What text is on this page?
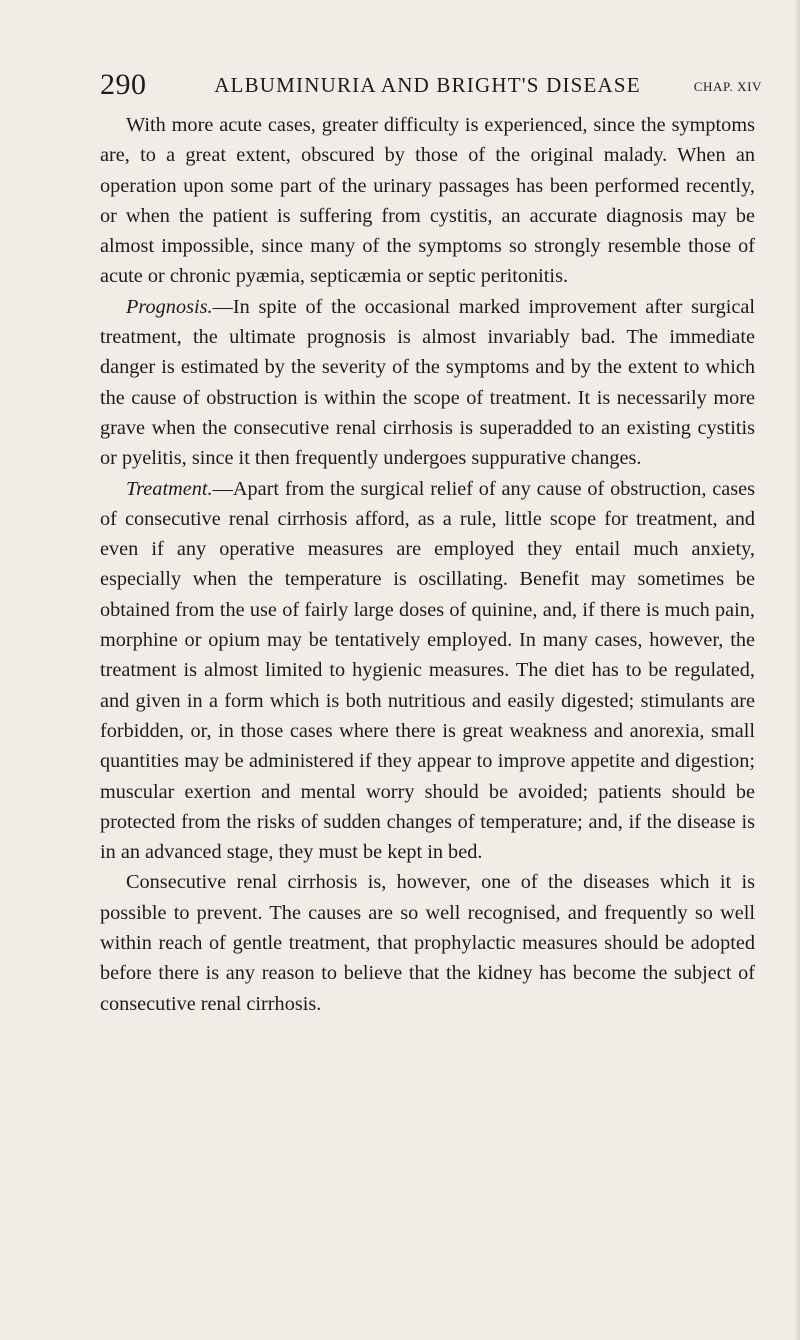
290	ALBUMINURIA AND BRIGHT'S DISEASE	CHAP. XIV

With more acute cases, greater difficulty is experienced, since the symptoms are, to a great extent, obscured by those of the original malady. When an operation upon some part of the urinary passages has been performed recently, or when the patient is suffering from cystitis, an accurate diagnosis may be almost impossible, since many of the symptoms so strongly resemble those of acute or chronic pyæmia, septicæmia or septic peritonitis.

Prognosis.—In spite of the occasional marked improvement after surgical treatment, the ultimate prognosis is almost invariably bad. The immediate danger is estimated by the severity of the symptoms and by the extent to which the cause of obstruction is within the scope of treatment. It is necessarily more grave when the consecutive renal cirrhosis is superadded to an existing cystitis or pyelitis, since it then frequently undergoes suppurative changes.

Treatment.—Apart from the surgical relief of any cause of obstruction, cases of consecutive renal cirrhosis afford, as a rule, little scope for treatment, and even if any operative measures are employed they entail much anxiety, especially when the temperature is oscillating. Benefit may sometimes be obtained from the use of fairly large doses of quinine, and, if there is much pain, morphine or opium may be tentatively employed. In many cases, however, the treatment is almost limited to hygienic measures. The diet has to be regulated, and given in a form which is both nutritious and easily digested; stimulants are forbidden, or, in those cases where there is great weakness and anorexia, small quantities may be administered if they appear to improve appetite and digestion; muscular exertion and mental worry should be avoided; patients should be protected from the risks of sudden changes of temperature; and, if the disease is in an advanced stage, they must be kept in bed.

Consecutive renal cirrhosis is, however, one of the diseases which it is possible to prevent. The causes are so well recognised, and frequently so well within reach of gentle treatment, that prophylactic measures should be adopted before there is any reason to believe that the kidney has become the subject of consecutive renal cirrhosis.
